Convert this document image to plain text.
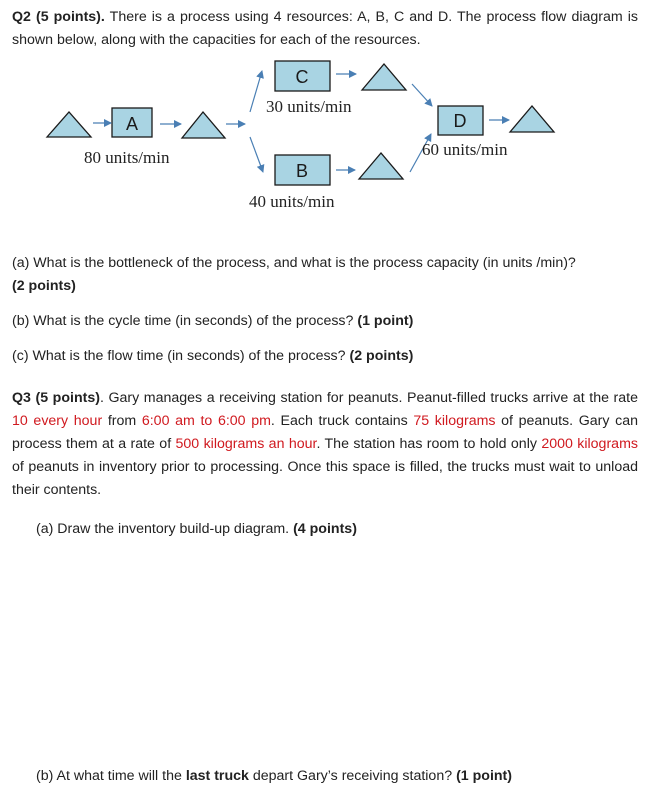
Q2 (5 points). There is a process using 4 resources: A, B, C and D. The process flow diagram is shown below, along with the capacities for each of the resources.
A
C
B
D
80 units/min
30 units/min
40 units/min
60 units/min
(a) What is the bottleneck of the process, and what is the process capacity (in units /min)?
(2 points)
(b) What is the cycle time (in seconds) of the process? (1 point)
(c) What is the flow time (in seconds) of the process? (2 points)
Q3 (5 points). Gary manages a receiving station for peanuts. Peanut-filled trucks arrive at the rate 10 every hour from 6:00 am to 6:00 pm. Each truck contains 75 kilograms of peanuts. Gary can process them at a rate of 500 kilograms an hour. The station has room to hold only 2000 kilograms of peanuts in inventory prior to processing. Once this space is filled, the trucks must wait to unload their contents.
(a) Draw the inventory build-up diagram. (4 points)
(b) At what time will the last truck depart Gary’s receiving station? (1 point)
